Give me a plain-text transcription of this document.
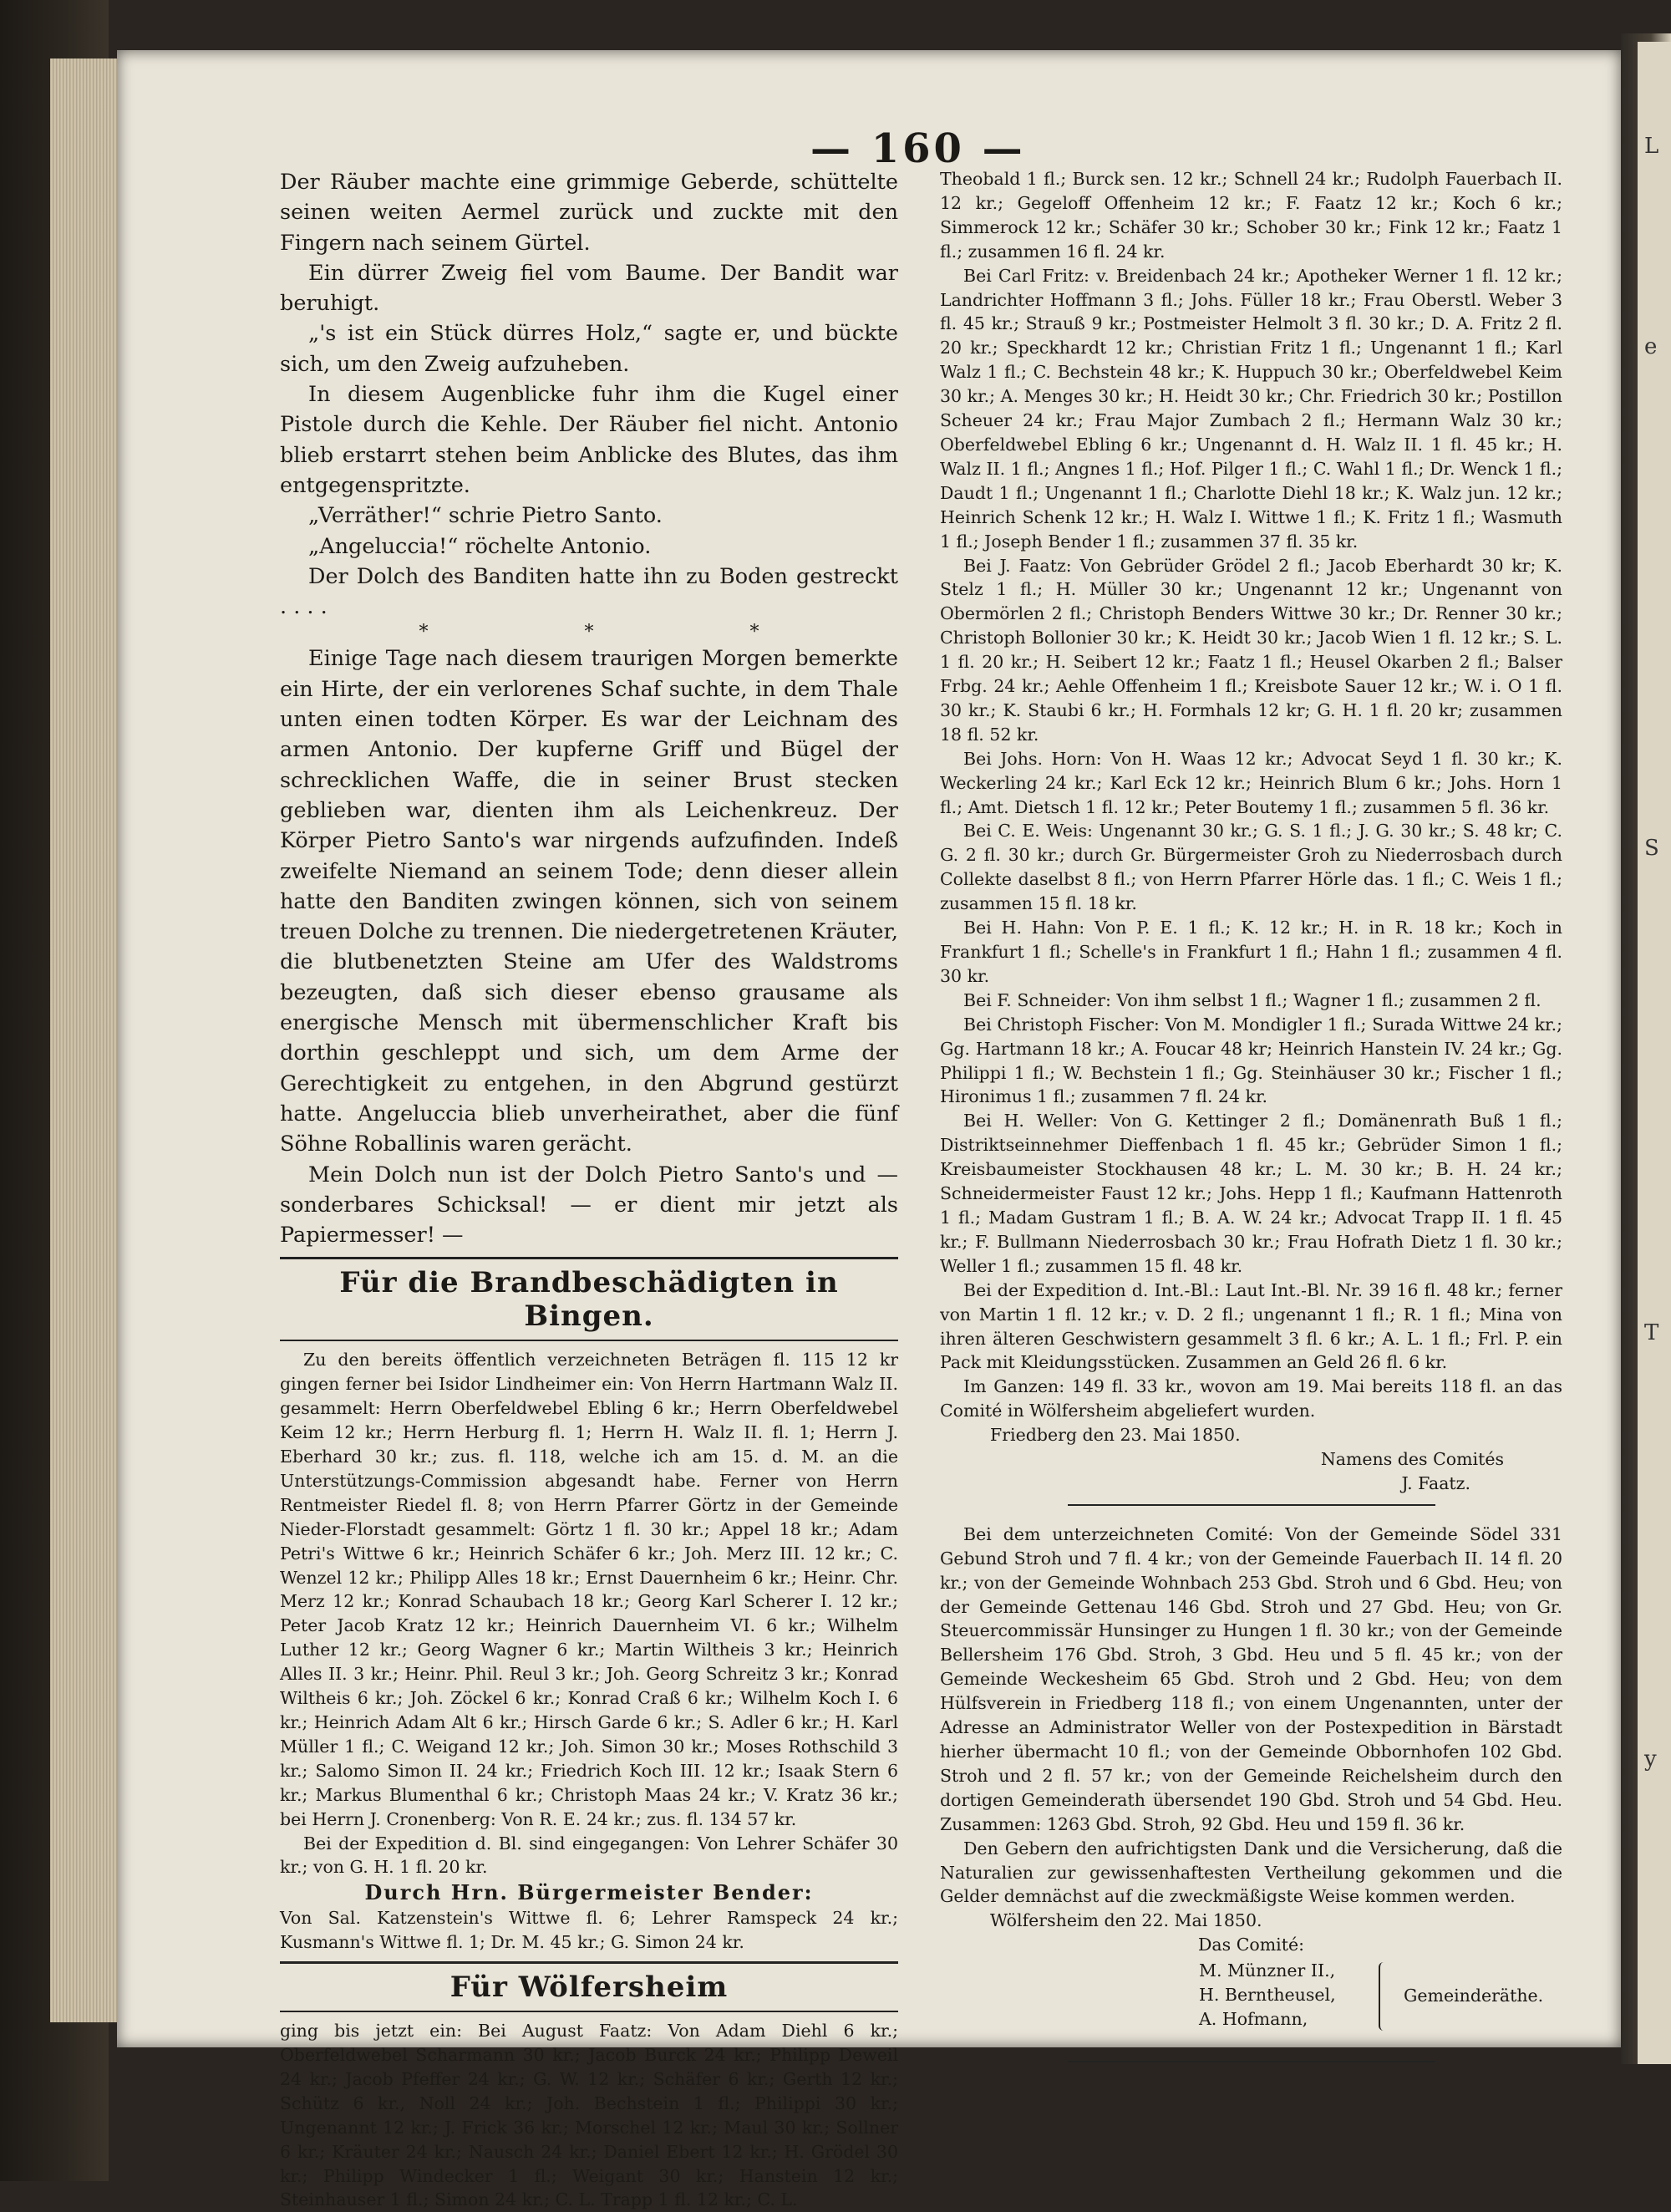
L
e
S
T
y
— 160 —

Der Räuber machte eine grimmige Geberde, schüttelte seinen weiten Aermel zurück und zuckte mit den Fingern nach seinem Gürtel.

Ein dürrer Zweig fiel vom Baume. Der Bandit war beruhigt.

„'s ist ein Stück dürres Holz,“ sagte er, und bückte sich, um den Zweig aufzuheben.

In diesem Augenblicke fuhr ihm die Kugel einer Pistole durch die Kehle. Der Räuber fiel nicht. Antonio blieb erstarrt stehen beim Anblicke des Blutes, das ihm entgegenspritzte.

„Verräther!“ schrie Pietro Santo.

„Angeluccia!“ röchelte Antonio.

Der Dolch des Banditen hatte ihn zu Boden gestreckt . . . .

* * *

Einige Tage nach diesem traurigen Morgen bemerkte ein Hirte, der ein verlorenes Schaf suchte, in dem Thale unten einen todten Körper. Es war der Leichnam des armen Antonio. Der kupferne Griff und Bügel der schrecklichen Waffe, die in seiner Brust stecken geblieben war, dienten ihm als Leichenkreuz. Der Körper Pietro Santo's war nirgends aufzufinden. Indeß zweifelte Niemand an seinem Tode; denn dieser allein hatte den Banditen zwingen können, sich von seinem treuen Dolche zu trennen. Die niedergetretenen Kräuter, die blutbenetzten Steine am Ufer des Waldstroms bezeugten, daß sich dieser ebenso grausame als energische Mensch mit übermenschlicher Kraft bis dorthin geschleppt und sich, um dem Arme der Gerechtigkeit zu entgehen, in den Abgrund gestürzt hatte. Angeluccia blieb unverheirathet, aber die fünf Söhne Roballinis waren gerächt.

Mein Dolch nun ist der Dolch Pietro Santo's und — sonderbares Schicksal! — er dient mir jetzt als Papiermesser! —

Für die Brandbeschädigten in Bingen.

Zu den bereits öffentlich verzeichneten Beträgen fl. 115 12 kr gingen ferner bei Isidor Lindheimer ein: Von Herrn Hartmann Walz II. gesammelt: Herrn Oberfeldwebel Ebling 6 kr.; Herrn Oberfeldwebel Keim 12 kr.; Herrn Herburg fl. 1; Herrn H. Walz II. fl. 1; Herrn J. Eberhard 30 kr.; zus. fl. 118, welche ich am 15. d. M. an die Unterstützungs-Commission abgesandt habe. Ferner von Herrn Rentmeister Riedel fl. 8; von Herrn Pfarrer Görtz in der Gemeinde Nieder-Florstadt gesammelt: Görtz 1 fl. 30 kr.; Appel 18 kr.; Adam Petri's Wittwe 6 kr.; Heinrich Schäfer 6 kr.; Joh. Merz III. 12 kr.; C. Wenzel 12 kr.; Philipp Alles 18 kr.; Ernst Dauernheim 6 kr.; Heinr. Chr. Merz 12 kr.; Konrad Schaubach 18 kr.; Georg Karl Scherer I. 12 kr.; Peter Jacob Kratz 12 kr.; Heinrich Dauernheim VI. 6 kr.; Wilhelm Luther 12 kr.; Georg Wagner 6 kr.; Martin Wiltheis 3 kr.; Heinrich Alles II. 3 kr.; Heinr. Phil. Reul 3 kr.; Joh. Georg Schreitz 3 kr.; Konrad Wiltheis 6 kr.; Joh. Zöckel 6 kr.; Konrad Craß 6 kr.; Wilhelm Koch I. 6 kr.; Heinrich Adam Alt 6 kr.; Hirsch Garde 6 kr.; S. Adler 6 kr.; H. Karl Müller 1 fl.; C. Weigand 12 kr.; Joh. Simon 30 kr.; Moses Rothschild 3 kr.; Salomo Simon II. 24 kr.; Friedrich Koch III. 12 kr.; Isaak Stern 6 kr.; Markus Blumenthal 6 kr.; Christoph Maas 24 kr.; V. Kratz 36 kr.; bei Herrn J. Cronenberg: Von R. E. 24 kr.; zus. fl. 134 57 kr.

Bei der Expedition d. Bl. sind eingegangen: Von Lehrer Schäfer 30 kr.; von G. H. 1 fl. 20 kr.

Durch Hrn. Bürgermeister Bender:

Von Sal. Katzenstein's Wittwe fl. 6; Lehrer Ramspeck 24 kr.; Kusmann's Wittwe fl. 1; Dr. M. 45 kr.; G. Simon 24 kr.

Für Wölfersheim

ging bis jetzt ein: Bei August Faatz: Von Adam Diehl 6 kr.; Oberfeldwebel Scharmann 30 kr.; Jacob Burck 24 kr.; Philipp Deweil 24 kr.; Jacob Pfeffer 24 kr.; G. W. 12 kr.; Schäfer 6 kr.; Gerth 12 kr.; Schütz 6 kr., Noll 24 kr.; Joh. Bechstein 1 fl.; Philippi 30 kr.; Ungenannt 12 kr.; J. Frick 36 kr.; Morschel 12 kr.; Maul 30 kr.; Sollner 6 kr.; Kräuter 24 kr.; Nausch 24 kr.; Daniel Ebert 12 kr.; H. Grödel 30 kr.; Philipp Windecker 1 fl.; Weigant 30 kr.; Hanstein 12 kr.; Steinhauser 1 fl.; Simon 24 kr.; C. L. Trapp 1 fl. 12 kr.; C. L.

Theobald 1 fl.; Burck sen. 12 kr.; Schnell 24 kr.; Rudolph Fauerbach II. 12 kr.; Gegeloff Offenheim 12 kr.; F. Faatz 12 kr.; Koch 6 kr.; Simmerock 12 kr.; Schäfer 30 kr.; Schober 30 kr.; Fink 12 kr.; Faatz 1 fl.; zusammen 16 fl. 24 kr.

Bei Carl Fritz: v. Breidenbach 24 kr.; Apotheker Werner 1 fl. 12 kr.; Landrichter Hoffmann 3 fl.; Johs. Füller 18 kr.; Frau Oberstl. Weber 3 fl. 45 kr.; Strauß 9 kr.; Postmeister Helmolt 3 fl. 30 kr.; D. A. Fritz 2 fl. 20 kr.; Speckhardt 12 kr.; Christian Fritz 1 fl.; Ungenannt 1 fl.; Karl Walz 1 fl.; C. Bechstein 48 kr.; K. Huppuch 30 kr.; Oberfeldwebel Keim 30 kr.; A. Menges 30 kr.; H. Heidt 30 kr.; Chr. Friedrich 30 kr.; Postillon Scheuer 24 kr.; Frau Major Zumbach 2 fl.; Hermann Walz 30 kr.; Oberfeldwebel Ebling 6 kr.; Ungenannt d. H. Walz II. 1 fl. 45 kr.; H. Walz II. 1 fl.; Angnes 1 fl.; Hof. Pilger 1 fl.; C. Wahl 1 fl.; Dr. Wenck 1 fl.; Daudt 1 fl.; Ungenannt 1 fl.; Charlotte Diehl 18 kr.; K. Walz jun. 12 kr.; Heinrich Schenk 12 kr.; H. Walz I. Wittwe 1 fl.; K. Fritz 1 fl.; Wasmuth 1 fl.; Joseph Bender 1 fl.; zusammen 37 fl. 35 kr.

Bei J. Faatz: Von Gebrüder Grödel 2 fl.; Jacob Eberhardt 30 kr; K. Stelz 1 fl.; H. Müller 30 kr.; Ungenannt 12 kr.; Ungenannt von Obermörlen 2 fl.; Christoph Benders Wittwe 30 kr.; Dr. Renner 30 kr.; Christoph Bollonier 30 kr.; K. Heidt 30 kr.; Jacob Wien 1 fl. 12 kr.; S. L. 1 fl. 20 kr.; H. Seibert 12 kr.; Faatz 1 fl.; Heusel Okarben 2 fl.; Balser Frbg. 24 kr.; Aehle Offenheim 1 fl.; Kreisbote Sauer 12 kr.; W. i. O 1 fl. 30 kr.; K. Staubi 6 kr.; H. Formhals 12 kr; G. H. 1 fl. 20 kr; zusammen 18 fl. 52 kr.

Bei Johs. Horn: Von H. Waas 12 kr.; Advocat Seyd 1 fl. 30 kr.; K. Weckerling 24 kr.; Karl Eck 12 kr.; Heinrich Blum 6 kr.; Johs. Horn 1 fl.; Amt. Dietsch 1 fl. 12 kr.; Peter Boutemy 1 fl.; zusammen 5 fl. 36 kr.

Bei C. E. Weis: Ungenannt 30 kr.; G. S. 1 fl.; J. G. 30 kr.; S. 48 kr; C. G. 2 fl. 30 kr.; durch Gr. Bürgermeister Groh zu Niederrosbach durch Collekte daselbst 8 fl.; von Herrn Pfarrer Hörle das. 1 fl.; C. Weis 1 fl.; zusammen 15 fl. 18 kr.

Bei H. Hahn: Von P. E. 1 fl.; K. 12 kr.; H. in R. 18 kr.; Koch in Frankfurt 1 fl.; Schelle's in Frankfurt 1 fl.; Hahn 1 fl.; zusammen 4 fl. 30 kr.

Bei F. Schneider: Von ihm selbst 1 fl.; Wagner 1 fl.; zusammen 2 fl.

Bei Christoph Fischer: Von M. Mondigler 1 fl.; Surada Wittwe 24 kr.; Gg. Hartmann 18 kr.; A. Foucar 48 kr; Heinrich Hanstein IV. 24 kr.; Gg. Philippi 1 fl.; W. Bechstein 1 fl.; Gg. Steinhäuser 30 kr.; Fischer 1 fl.; Hironimus 1 fl.; zusammen 7 fl. 24 kr.

Bei H. Weller: Von G. Kettinger 2 fl.; Domänenrath Buß 1 fl.; Distriktseinnehmer Dieffenbach 1 fl. 45 kr.; Gebrüder Simon 1 fl.; Kreisbaumeister Stockhausen 48 kr.; L. M. 30 kr.; B. H. 24 kr.; Schneidermeister Faust 12 kr.; Johs. Hepp 1 fl.; Kaufmann Hattenroth 1 fl.; Madam Gustram 1 fl.; B. A. W. 24 kr.; Advocat Trapp II. 1 fl. 45 kr.; F. Bullmann Niederrosbach 30 kr.; Frau Hofrath Dietz 1 fl. 30 kr.; Weller 1 fl.; zusammen 15 fl. 48 kr.

Bei der Expedition d. Int.-Bl.: Laut Int.-Bl. Nr. 39 16 fl. 48 kr.; ferner von Martin 1 fl. 12 kr.; v. D. 2 fl.; ungenannt 1 fl.; R. 1 fl.; Mina von ihren älteren Geschwistern gesammelt 3 fl. 6 kr.; A. L. 1 fl.; Frl. P. ein Pack mit Kleidungsstücken. Zusammen an Geld 26 fl. 6 kr.

Im Ganzen: 149 fl. 33 kr., wovon am 19. Mai bereits 118 fl. an das Comité in Wölfersheim abgeliefert wurden.

Friedberg den 23. Mai 1850.

Namens des Comités

J. Faatz.

Bei dem unterzeichneten Comité: Von der Gemeinde Södel 331 Gebund Stroh und 7 fl. 4 kr.; von der Gemeinde Fauerbach II. 14 fl. 20 kr.; von der Gemeinde Wohnbach 253 Gbd. Stroh und 6 Gbd. Heu; von der Gemeinde Gettenau 146 Gbd. Stroh und 27 Gbd. Heu; von Gr. Steuercommissär Hunsinger zu Hungen 1 fl. 30 kr.; von der Gemeinde Bellersheim 176 Gbd. Stroh, 3 Gbd. Heu und 5 fl. 45 kr.; von der Gemeinde Weckesheim 65 Gbd. Stroh und 2 Gbd. Heu; von dem Hülfsverein in Friedberg 118 fl.; von einem Ungenannten, unter der Adresse an Administrator Weller von der Postexpedition in Bärstadt hierher übermacht 10 fl.; von der Gemeinde Obbornhofen 102 Gbd. Stroh und 2 fl. 57 kr.; von der Gemeinde Reichelsheim durch den dortigen Gemeinderath übersendet 190 Gbd. Stroh und 54 Gbd. Heu. Zusammen: 1263 Gbd. Stroh, 92 Gbd. Heu und 159 fl. 36 kr.

Den Gebern den aufrichtigsten Dank und die Versicherung, daß die Naturalien zur gewissenhaftesten Vertheilung gekommen und die Gelder demnächst auf die zweckmäßigste Weise kommen werden.

Wölfersheim den 22. Mai 1850.

Das Comité:

M. Münzner II.,
H. Berntheusel,
A. Hofmann,
Gemeinderäthe.
